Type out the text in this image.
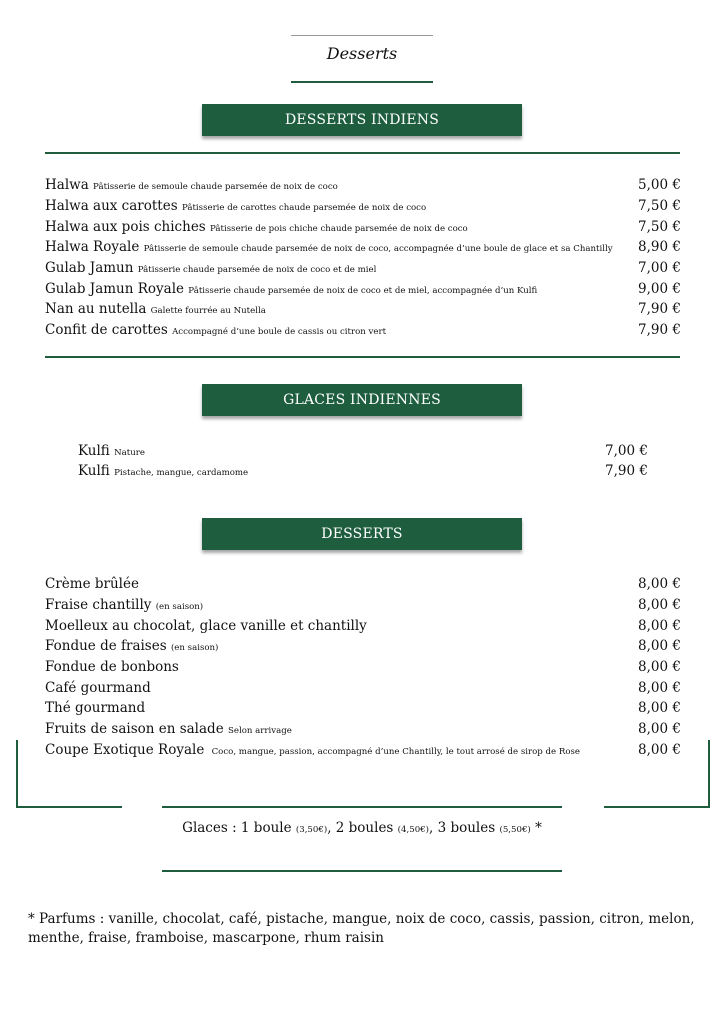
Desserts
DESSERTS INDIENS
Halwa Pâtisserie de semoule chaude parsemée de noix de coco	5,00 €
Halwa aux carottes Pâtisserie de carottes chaude parsemée de noix de coco	7,50 €
Halwa aux pois chiches Pâtisserie de pois chiche chaude parsemée de noix de coco	7,50 €
Halwa Royale Pâtisserie de semoule chaude parsemée de noix de coco, accompagnée d’une boule de glace et sa Chantilly 8,90 €
Gulab Jamun Pâtisserie chaude parsemée de noix de coco et de miel	7,00 €
Gulab Jamun Royale Pâtisserie chaude parsemée de noix de coco et de miel, accompagnée d’un Kulfi	9,00 €
Nan au nutella Galette fourrée au Nutella	7,90 €
Confit de carottes Accompagné d’une boule de cassis ou citron vert	7,90 €
GLACES INDIENNES
Kulfi Nature	7,00 €
Kulfi Pistache, mangue, cardamome	7,90 €
DESSERTS
Crème brûlée	8,00 €
Fraise chantilly (en saison)	8,00 €
Moelleux au chocolat, glace vanille et chantilly	8,00 €
Fondue de fraises (en saison)	8,00 €
Fondue de bonbons	8,00 €
Café gourmand	8,00 €
Thé gourmand	8,00 €
Fruits de saison en salade Selon arrivage	8,00 €
Coupe Exotique Royale Coco, mangue, passion, accompagné d’une Chantilly, le tout arrosé de sirop de Rose	8,00 €
Glaces : 1 boule (3,50€), 2 boules (4,50€), 3 boules (5,50€) *
* Parfums : vanille, chocolat, café, pistache, mangue, noix de coco, cassis, passion, citron, melon, menthe, fraise, framboise, mascarpone, rhum raisin
